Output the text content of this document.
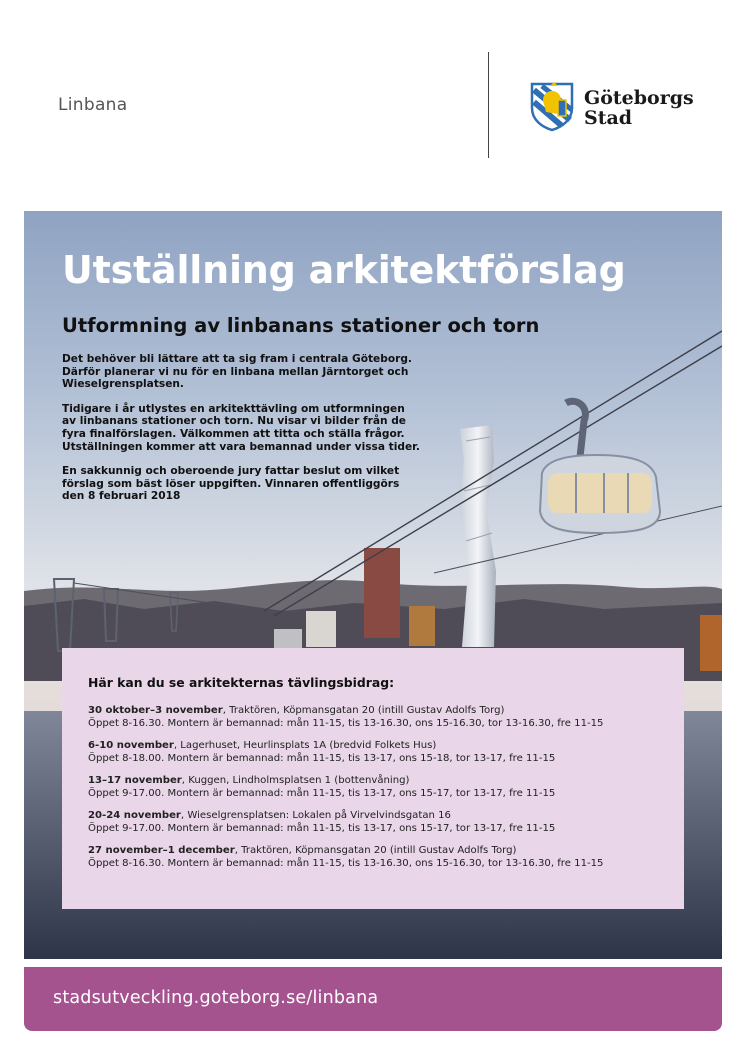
Linbana	Göteborgs
Stad
Utställning arkitektförslag
Utformning av linbanans stationer och torn

Det behöver bli lättare att ta sig fram i centrala Göteborg. Därför planerar vi nu för en linbana mellan Järntorget och Wieselgrensplatsen.

Tidigare i år utlystes en arkitekttävling om utformningen av linbanans stationer och torn. Nu visar vi bilder från de fyra finalförslagen. Välkommen att titta och ställa frågor. Utställningen kommer att vara bemannad under vissa tider.

En sakkunnig och oberoende jury fattar beslut om vilket förslag som bäst löser uppgiften. Vinnaren offentliggörs den 8 februari 2018

Här kan du se arkitekternas tävlingsbidrag:
30 oktober–3 november, Traktören, Köpmansgatan 20 (intill Gustav Adolfs Torg)
Öppet 8-16.30. Montern är bemannad: mån 11-15, tis 13-16.30, ons 15-16.30, tor 13-16.30, fre 11-15
6-10 november, Lagerhuset, Heurlinsplats 1A (bredvid Folkets Hus)
Öppet 8-18.00. Montern är bemannad: mån 11-15, tis 13-17, ons 15-18, tor 13-17, fre 11-15
13–17 november, Kuggen, Lindholmsplatsen 1 (bottenvåning)
Öppet 9-17.00. Montern är bemannad: mån 11-15, tis 13-17, ons 15-17, tor 13-17, fre 11-15
20-24 november, Wieselgrensplatsen: Lokalen på Virvelvindsgatan 16
Öppet 9-17.00. Montern är bemannad: mån 11-15, tis 13-17, ons 15-17, tor 13-17, fre 11-15
27 november–1 december, Traktören, Köpmansgatan 20 (intill Gustav Adolfs Torg)
Öppet 8-16.30. Montern är bemannad: mån 11-15, tis 13-16.30, ons 15-16.30, tor 13-16.30, fre 11-15
stadsutveckling.goteborg.se/linbana
